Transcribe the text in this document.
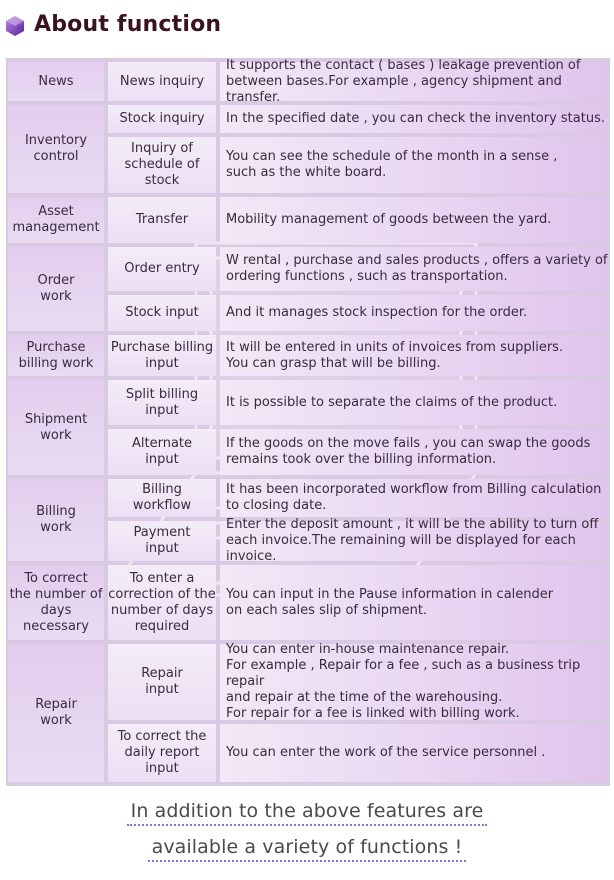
About function
News
Inventory
control
Asset
management
Order
work
Purchase
billing work
Shipment
work
Billing
work
To correct
the number of
days necessary
Repair
work
News inquiry
It supports the contact ( bases ) leakage prevention of
between bases.For example , agency shipment and transfer.
Stock inquiry In the specified date , you can check the inventory status.
Inquiry of
schedule of
stock
You can see the schedule of the month in a sense ,
such as the white board.
Transfer	Mobility management of goods between the yard.
Order entry
W rental , purchase and sales products , offers a variety of
ordering functions , such as transportation.
Stock input And it manages stock inspection for the order.
Purchase billing
input
It will be entered in units of invoices from suppliers.
You can grasp that will be billing.
Split billing
input
It is possible to separate the claims of the product.
Alternate
input
If the goods on the move fails , you can swap the goods
remains took over the billing information.
Billing
workflow
It has been incorporated workflow from Billing calculation
to closing date.
Payment
input
Enter the deposit amount , it will be the ability to turn off
each invoice.The remaining will be displayed for each invoice.
To enter a
correction of the
number of days
required
You can input in the Pause information in calender
on each sales slip of shipment.
Repair
input
You can enter in-house maintenance repair.
For example , Repair for a fee , such as a business trip repair
and repair at the time of the warehousing.
For repair for a fee is linked with billing work.
To correct the
daily report
input
You can enter the work of the service personnel .
In addition to the above features are
available a variety of functions !
